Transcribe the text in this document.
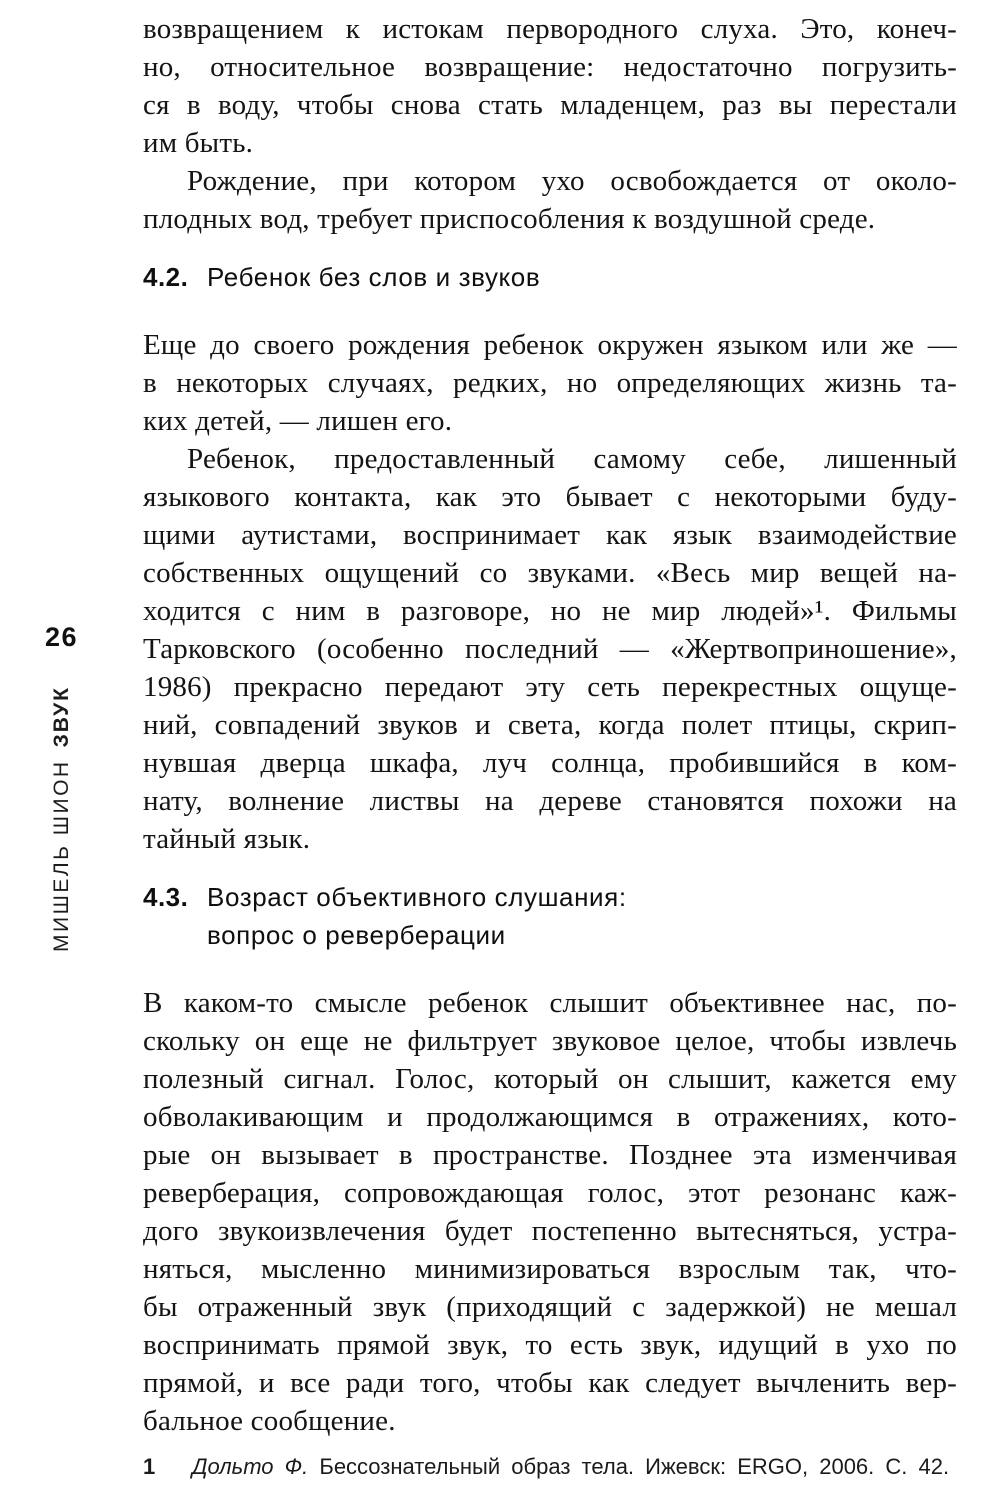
26
МИШЕЛЬ ШИОНЗВУК
возвращением к истокам первородного слуха. Это, конеч-
но, относительное возвращение: недостаточно погрузить-
ся в воду, чтобы снова стать младенцем, раз вы перестали
им быть.
Рождение, при котором ухо освобождается от около-
плодных вод, требует приспособления к воздушной среде.
4.2. Ребенок без слов и звуков
Еще до своего рождения ребенок окружен языком или же —
в некоторых случаях, редких, но определяющих жизнь та-
ких детей, — лишен его.
Ребенок, предоставленный самому себе, лишенный
языкового контакта, как это бывает с некоторыми буду-
щими аутистами, воспринимает как язык взаимодействие
собственных ощущений со звуками. «Весь мир вещей на-
ходится с ним в разговоре, но не мир людей»¹. Фильмы
Тарковского (особенно последний — «Жертвоприношение»,
1986) прекрасно передают эту сеть перекрестных ощуще-
ний, совпадений звуков и света, когда полет птицы, скрип-
нувшая дверца шкафа, луч солнца, пробившийся в ком-
нату, волнение листвы на дереве становятся похожи на
тайный язык.
4.3. Возраст объективного слушания:
вопрос о реверберации
В каком-то смысле ребенок слышит объективнее нас, по-
скольку он еще не фильтрует звуковое целое, чтобы извлечь
полезный сигнал. Голос, который он слышит, кажется ему
обволакивающим и продолжающимся в отражениях, кото-
рые он вызывает в пространстве. Позднее эта изменчивая
реверберация, сопровождающая голос, этот резонанс каж-
дого звукоизвлечения будет постепенно вытесняться, устра-
няться, мысленно минимизироваться взрослым так, что-
бы отраженный звук (приходящий с задержкой) не мешал
воспринимать прямой звук, то есть звук, идущий в ухо по
прямой, и все ради того, чтобы как следует вычленить вер-
бальное сообщение.
1	Дольто Ф. Бессознательный образ тела. Ижевск: ERGO, 2006. С. 42.
